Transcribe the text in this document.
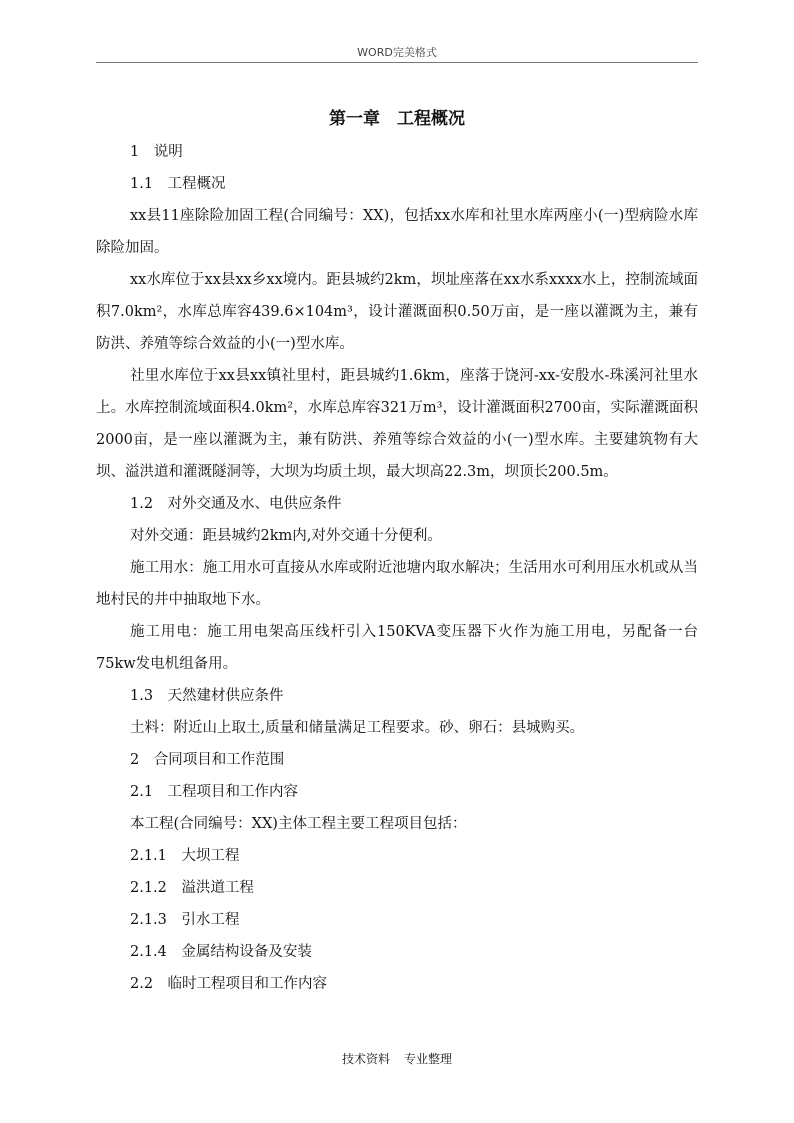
WORD完美格式
第一章　工程概况

1　说明

1.1　工程概况

xx县11座除险加固工程(合同编号：XX)，包括xx水库和社里水库两座小(一)型病险水库除险加固。

xx水库位于xx县xx乡xx境内。距县城约2km，坝址座落在xx水系xxxx水上，控制流域面积7.0km²，水库总库容439.6×104m³，设计灌溉面积0.50万亩，是一座以灌溉为主，兼有防洪、养殖等综合效益的小(一)型水库。

社里水库位于xx县xx镇社里村，距县城约1.6km，座落于饶河-xx-安殷水-珠溪河社里水上。水库控制流域面积4.0km²，水库总库容321万m³，设计灌溉面积2700亩，实际灌溉面积2000亩，是一座以灌溉为主，兼有防洪、养殖等综合效益的小(一)型水库。主要建筑物有大坝、溢洪道和灌溉隧洞等，大坝为均质土坝，最大坝高22.3m，坝顶长200.5m。

1.2　对外交通及水、电供应条件

对外交通：距县城约2km内,对外交通十分便利。

施工用水：施工用水可直接从水库或附近池塘内取水解决；生活用水可利用压水机或从当地村民的井中抽取地下水。

施工用电：施工用电架高压线杆引入150KVA变压器下火作为施工用电，另配备一台75kw发电机组备用。

1.3　天然建材供应条件

土料：附近山上取土,质量和储量满足工程要求。砂、卵石：县城购买。

2　合同项目和工作范围

2.1　工程项目和工作内容

本工程(合同编号：XX)主体工程主要工程项目包括：

2.1.1　大坝工程

2.1.2　溢洪道工程

2.1.3　引水工程

2.1.4　金属结构设备及安装

2.2　临时工程项目和工作内容

技术资料 专业整理
